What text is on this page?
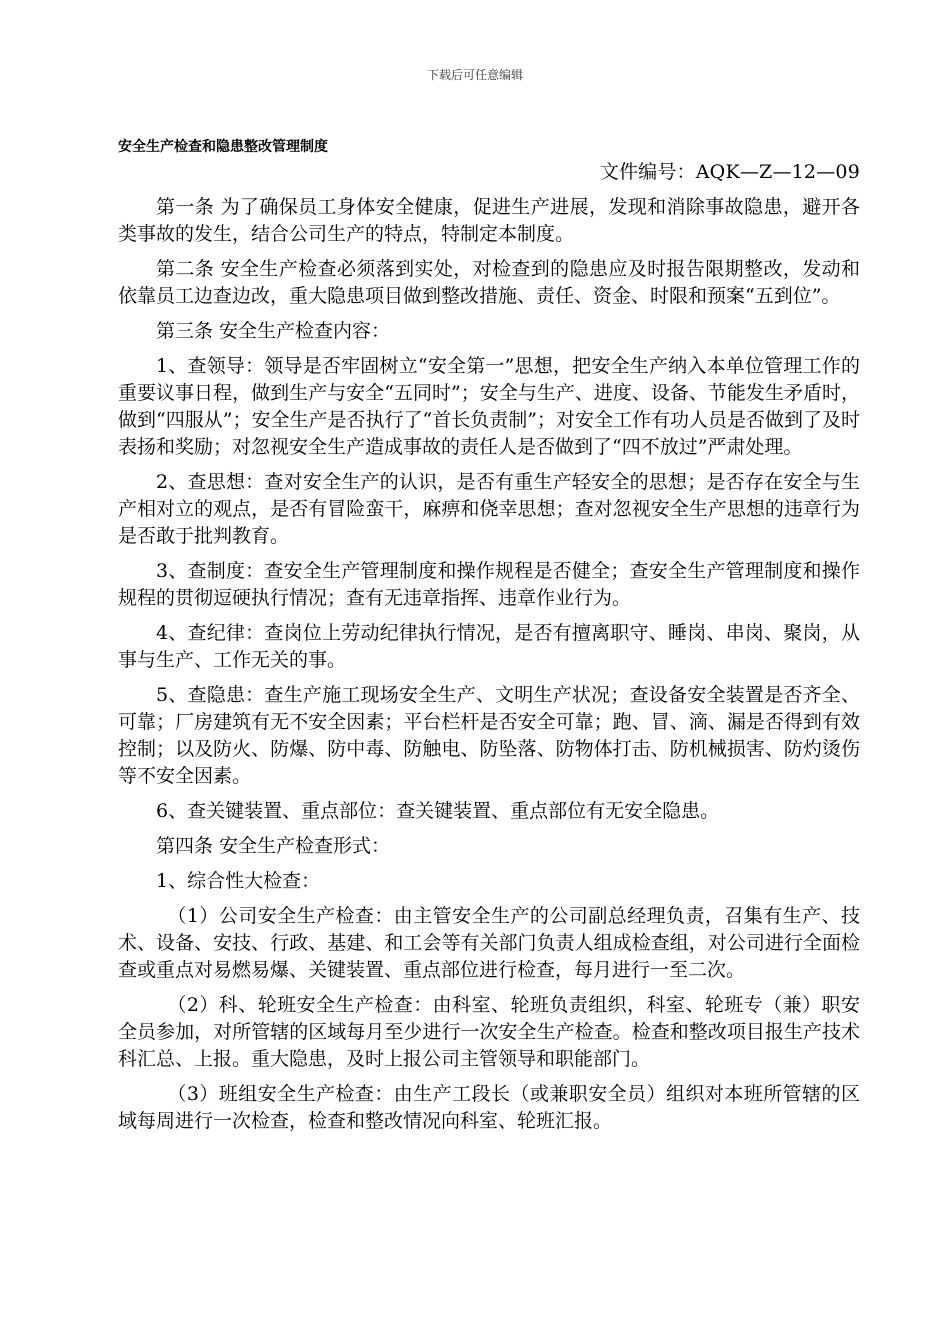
下载后可任意编辑
安全生产检查和隐患整改管理制度
文件编号：AQK—Z—12—09

第一条 为了确保员工身体安全健康，促进生产进展，发现和消除事故隐患，避开各类事故的发生，结合公司生产的特点，特制定本制度。

第二条 安全生产检查必须落到实处，对检查到的隐患应及时报告限期整改，发动和依靠员工边查边改，重大隐患项目做到整改措施、责任、资金、时限和预案“五到位”。

第三条 安全生产检查内容：

1、查领导：领导是否牢固树立“安全第一”思想，把安全生产纳入本单位管理工作的重要议事日程，做到生产与安全“五同时”；安全与生产、进度、设备、节能发生矛盾时，做到“四服从”；安全生产是否执行了“首长负责制”；对安全工作有功人员是否做到了及时表扬和奖励；对忽视安全生产造成事故的责任人是否做到了“四不放过”严肃处理。

2、查思想：查对安全生产的认识，是否有重生产轻安全的思想；是否存在安全与生产相对立的观点，是否有冒险蛮干，麻痹和侥幸思想；查对忽视安全生产思想的违章行为是否敢于批判教育。

3、查制度：查安全生产管理制度和操作规程是否健全；查安全生产管理制度和操作规程的贯彻逗硬执行情况；查有无违章指挥、违章作业行为。

4、查纪律：查岗位上劳动纪律执行情况，是否有擅离职守、睡岗、串岗、聚岗，从事与生产、工作无关的事。

5、查隐患：查生产施工现场安全生产、文明生产状况；查设备安全装置是否齐全、可靠；厂房建筑有无不安全因素；平台栏杆是否安全可靠；跑、冒、滴、漏是否得到有效控制；以及防火、防爆、防中毒、防触电、防坠落、防物体打击、防机械损害、防灼烫伤等不安全因素。

6、查关键装置、重点部位：查关键装置、重点部位有无安全隐患。

第四条 安全生产检查形式：

1、综合性大检查：

（1）公司安全生产检查：由主管安全生产的公司副总经理负责，召集有生产、技术、设备、安技、行政、基建、和工会等有关部门负责人组成检查组，对公司进行全面检查或重点对易燃易爆、关键装置、重点部位进行检查，每月进行一至二次。

（2）科、轮班安全生产检查：由科室、轮班负责组织，科室、轮班专（兼）职安全员参加，对所管辖的区域每月至少进行一次安全生产检查。检查和整改项目报生产技术科汇总、上报。重大隐患，及时上报公司主管领导和职能部门。

（3）班组安全生产检查：由生产工段长（或兼职安全员）组织对本班所管辖的区域每周进行一次检查，检查和整改情况向科室、轮班汇报。
